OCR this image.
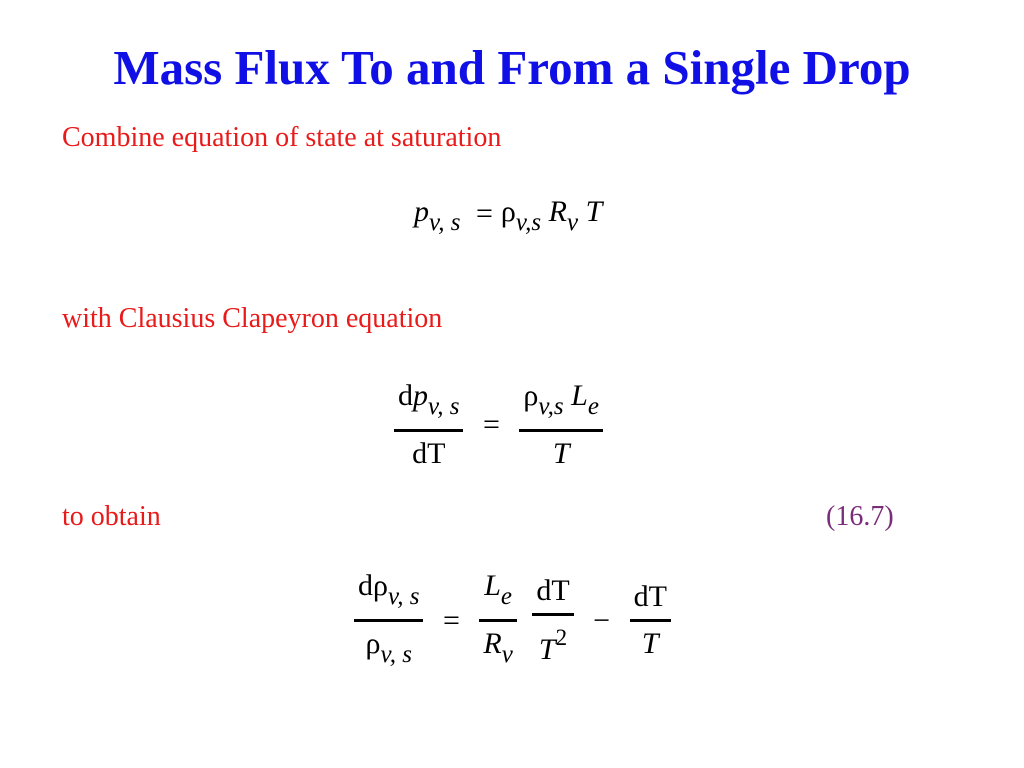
Mass Flux To and From a Single Drop
Combine equation of state at saturation
$p_{v, s} = \rho_{v,s}$ $R_v$ T
with Clausius Clapeyron equation
$\frac{dp_{v, s}}{dT} = \frac{\rho_{v,s} L_e}{T}$
to obtain	(16.7)
$\frac{d\rho_{v, s}}{\rho_{v, s}} = \frac{L_e}{R_v}$
$\frac{dT}{T^2} - \frac{dT}{T}$
